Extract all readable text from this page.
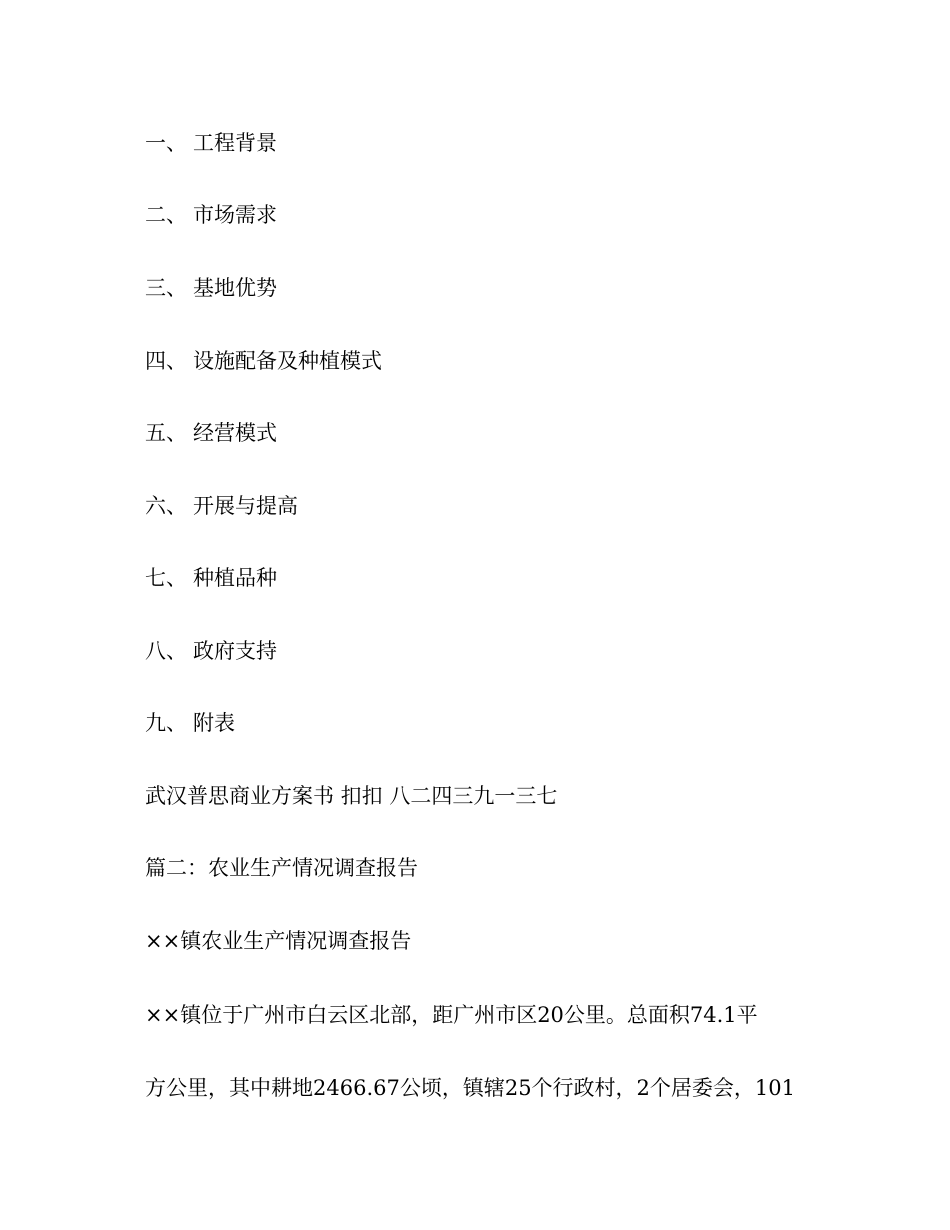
一、 工程背景
二、 市场需求
三、 基地优势
四、 设施配备及种植模式
五、 经营模式
六、 开展与提高
七、 种植品种
八、 政府支持
九、 附表
武汉普思商业方案书 扣扣 八二四三九一三七
篇二：农业生产情况调查报告
××镇农业生产情况调查报告
××镇位于广州市白云区北部，距广州市区20公里。总面积74.1平
方公里，其中耕地2466.67公顷，镇辖25个行政村，2个居委会，101
